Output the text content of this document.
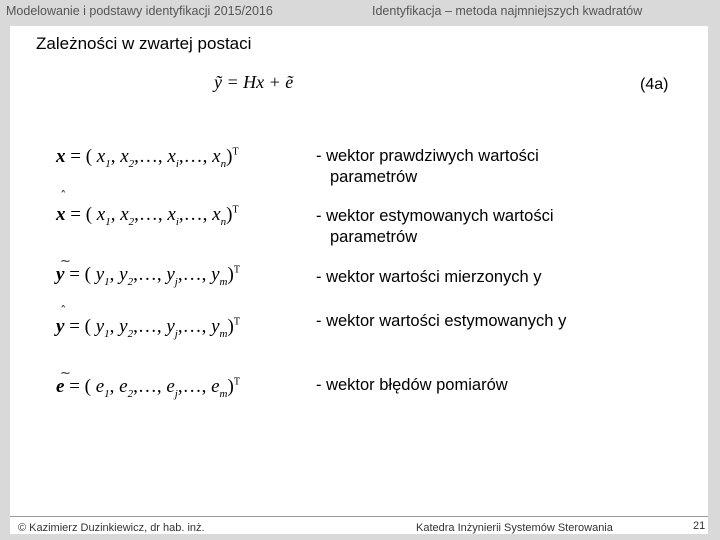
Modelowanie i podstawy identyfikacji 2015/2016	Identyfikacja – metoda najmniejszych kwadratów
Zależności w zwartej postaci
ỹ = Hx + ẽ	(4a)
x = ( $x_1$, $x_2,\dots$, $x_i,\dots$, $x_n)^T$	- wektor prawdziwych wartości
parametrów
ˆ
x = ( $x_1$, $x_2,\dots$, $x_i,\dots$, $x_n)^T$	- wektor estymowanych wartości
parametrów
~
y = ( $y_1$, $y_2,\dots$, $y_j,\dots$, $y_m)^T$	- wektor wartości mierzonych y
ˆ
y = ( $y_1$, $y_2,\dots$, $y_j,\dots$, $y_m)^T$	- wektor wartości estymowanych y
~
e = ( $e_1$, $e_2,\dots$, $e_j,\dots$, $e_m)^T$	- wektor błędów pomiarów
© Kazimierz Duzinkiewicz, dr hab. inż.	Katedra Inżynierii Systemów Sterowania	21
